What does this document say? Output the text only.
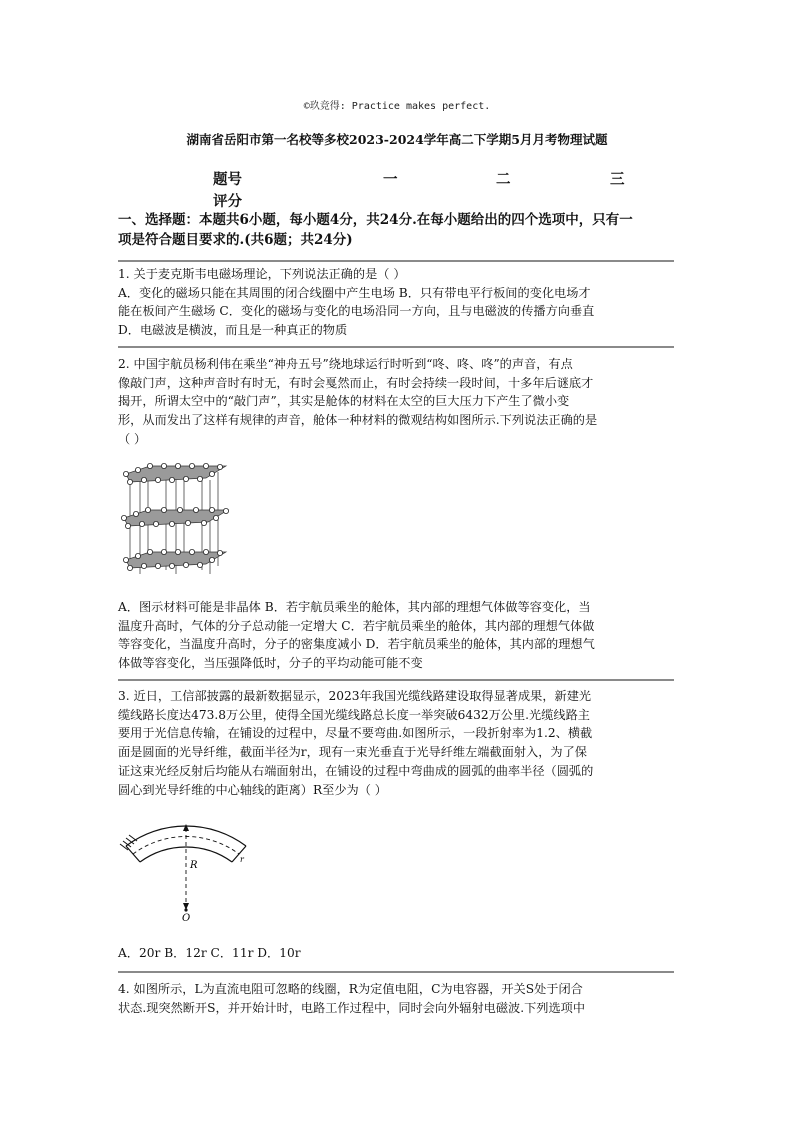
©玖竞得: Practice makes perfect.
湖南省岳阳市第一名校等多校2023-2024学年高二下学期5月月考物理试题
题号	一	二	三
评分
一、选择题：本题共6小题，每小题4分，共24分.在每小题给出的四个选项中，只有一
项是符合题目要求的.(共6题；共24分)

1. 关于麦克斯韦电磁场理论，下列说法正确的是（ ）

A．变化的磁场只能在其周围的闭合线圈中产生电场 B．只有带电平行板间的变化电场才

能在板间产生磁场 C．变化的磁场与变化的电场沿同一方向，且与电磁波的传播方向垂直

D．电磁波是横波，而且是一种真正的物质

2. 中国宇航员杨利伟在乘坐“神舟五号”绕地球运行时听到“咚、咚、咚”的声音，有点

像敲门声，这种声音时有时无，有时会戛然而止，有时会持续一段时间，十多年后谜底才

揭开，所谓太空中的“敲门声”，其实是舱体的材料在太空的巨大压力下产生了微小变

形，从而发出了这样有规律的声音，舱体一种材料的微观结构如图所示.下列说法正确的是

（ ）

A．图示材料可能是非晶体 B．若宇航员乘坐的舱体，其内部的理想气体做等容变化，当

温度升高时，气体的分子总动能一定增大 C．若宇航员乘坐的舱体，其内部的理想气体做

等容变化，当温度升高时，分子的密集度减小 D．若宇航员乘坐的舱体，其内部的理想气

体做等容变化，当压强降低时，分子的平均动能可能不变

3. 近日，工信部披露的最新数据显示，2023年我国光缆线路建设取得显著成果，新建光

缆线路长度达473.8万公里，使得全国光缆线路总长度一举突破6432万公里.光缆线路主

要用于光信息传输，在铺设的过程中，尽量不要弯曲.如图所示，一段折射率为1.2、横截

面是圆面的光导纤维，截面半径为r，现有一束光垂直于光导纤维左端截面射入，为了保

证这束光经反射后均能从右端面射出，在铺设的过程中弯曲成的圆弧的曲率半径（圆弧的

圆心到光导纤维的中心轴线的距离）R至少为（ ）

R
O
r

A．20r B．12r C．11r D．10r

4. 如图所示，L为直流电阻可忽略的线圈，R为定值电阻，C为电容器，开关S处于闭合

状态.现突然断开S，并开始计时，电路工作过程中，同时会向外辐射电磁波.下列选项中
